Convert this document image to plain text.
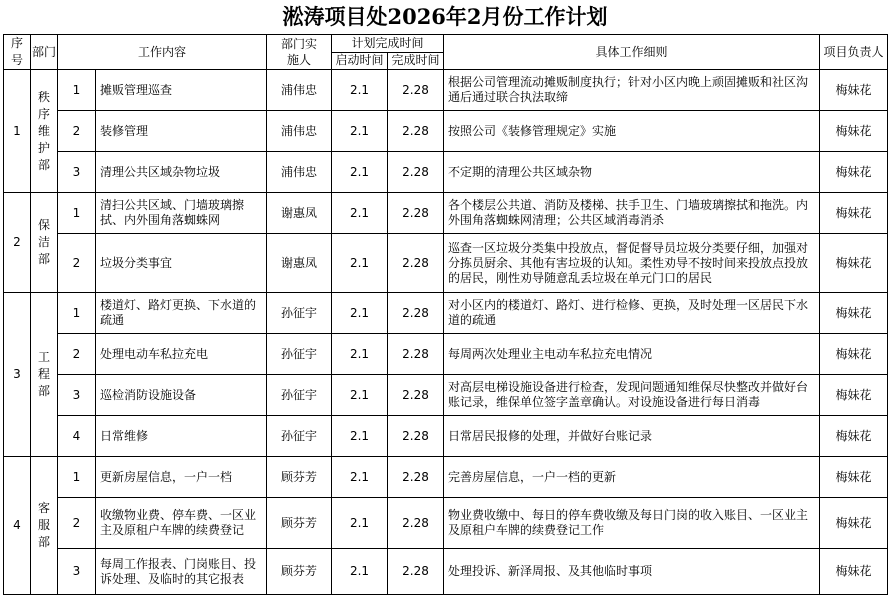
淞涛项目处2026年2月份工作计划
序号	部门	工作内容		部门实施人	计划完成时间		具体工作细则	项目负责人
					启动时间	完成时间		
1	秩序维护部	1	摊贩管理巡查	浦伟忠	2.1	2.28	根据公司管理流动摊贩制度执行；针对小区内晚上顽固摊贩和社区沟通后通过联合执法取缔	梅妹花
		2	装修管理	浦伟忠	2.1	2.28	按照公司《装修管理规定》实施	梅妹花
		3	清理公共区域杂物垃圾	浦伟忠	2.1	2.28	不定期的清理公共区域杂物	梅妹花
2	保洁部	1	清扫公共区域、门墙玻璃擦拭、内外围角落蜘蛛网	谢惠凤	2.1	2.28	各个楼层公共道、消防及楼梯、扶手卫生、门墙玻璃擦拭和拖洗。内外围角落蜘蛛网清理；公共区域消毒消杀	梅妹花
		2	垃圾分类事宜	谢惠凤	2.1	2.28	巡查一区垃圾分类集中投放点，督促督导员垃圾分类要仔细，加强对分拣员厨余、其他有害垃圾的认知。柔性劝导不按时间来投放点投放的居民，刚性劝导随意乱丢垃圾在单元门口的居民	梅妹花
3	工程部	1	楼道灯、路灯更换、下水道的疏通	孙征宇	2.1	2.28	对小区内的楼道灯、路灯、进行检修、更换，及时处理一区居民下水道的疏通	梅妹花
		2	处理电动车私拉充电	孙征宇	2.1	2.28	每周两次处理业主电动车私拉充电情况	梅妹花
		3	巡检消防设施设备	孙征宇	2.1	2.28	对高层电梯设施设备进行检查，发现问题通知维保尽快整改并做好台账记录，维保单位签字盖章确认。对设施设备进行每日消毒	梅妹花
		4	日常维修	孙征宇	2.1	2.28	日常居民报修的处理，并做好台账记录	梅妹花
4	客服部	1	更新房屋信息，一户一档	顾芬芳	2.1	2.28	完善房屋信息，一户一档的更新	梅妹花
		2	收缴物业费、停车费、一区业主及原租户车牌的续费登记	顾芬芳	2.1	2.28	物业费收缴中、每日的停车费收缴及每日门岗的收入账目、一区业主及原租户车牌的续费登记工作	梅妹花
		3	每周工作报表、门岗账目、投诉处理、及临时的其它报表	顾芬芳	2.1	2.28	处理投诉、新泽周报、及其他临时事项	梅妹花
